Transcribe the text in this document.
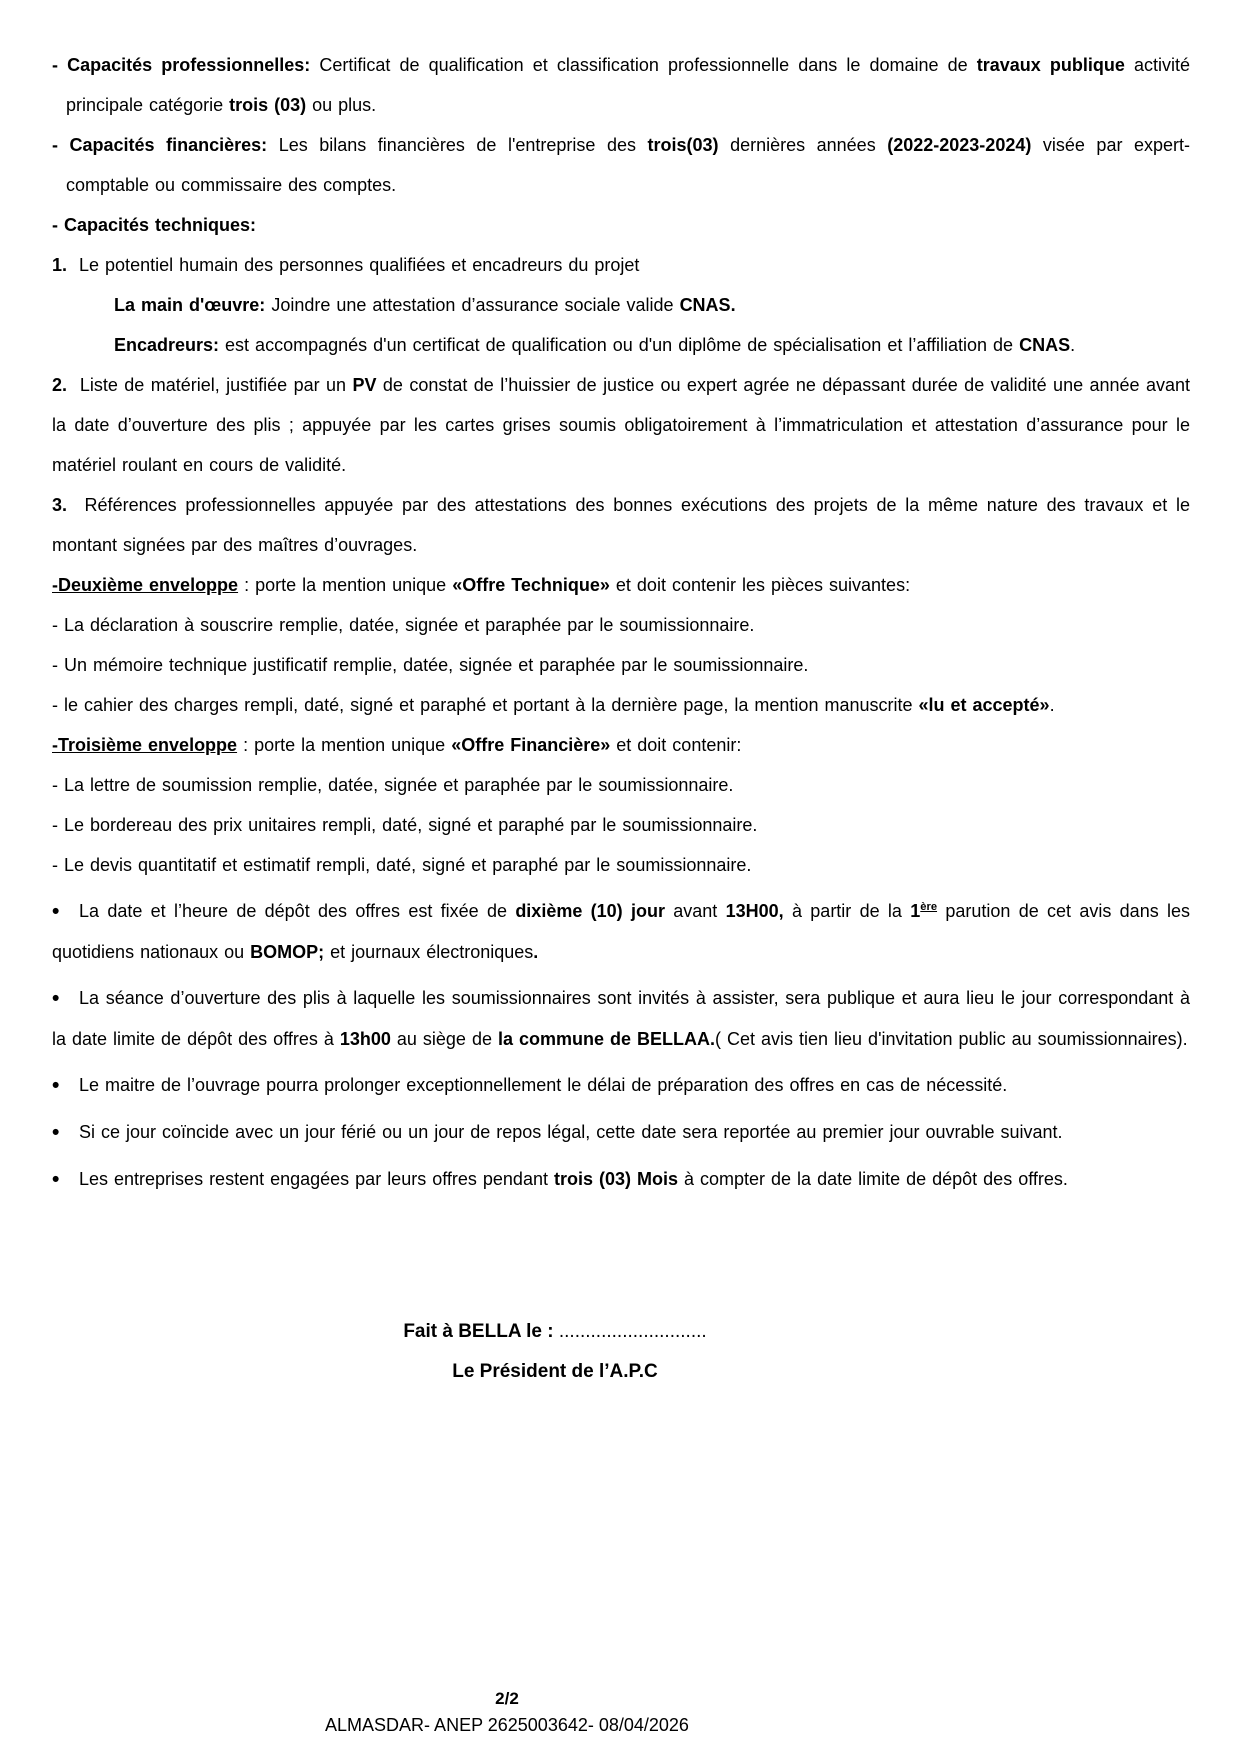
- Capacités professionnelles: Certificat de qualification et classification professionnelle dans le domaine de travaux publique activité principale catégorie trois (03) ou plus.

- Capacités financières: Les bilans financières de l'entreprise des trois(03) dernières années (2022-2023-2024) visée par expert-comptable ou commissaire des comptes.

- Capacités techniques:

1.  Le potentiel humain des personnes qualifiées et encadreurs du projet

La main d'œuvre: Joindre une attestation d’assurance sociale valide CNAS.

Encadreurs: est accompagnés d'un certificat de qualification ou d'un diplôme de spécialisation et l’affiliation de CNAS.

2.  Liste de matériel, justifiée par un PV de constat de l’huissier de justice ou expert agrée ne dépassant durée de validité une année avant la date d’ouverture des plis ; appuyée par les cartes grises soumis obligatoirement à l’immatriculation et attestation d’assurance pour le matériel roulant en cours de validité.

3.  Références professionnelles appuyée par des attestations des bonnes exécutions des projets de la même nature des travaux et le montant signées par des maîtres d’ouvrages.

-Deuxième enveloppe : porte la mention unique «Offre Technique» et doit contenir les pièces suivantes:

- La déclaration à souscrire remplie, datée, signée et paraphée par le soumissionnaire.

- Un mémoire technique justificatif remplie, datée, signée et paraphée par le soumissionnaire.

- le cahier des charges rempli, daté, signé et paraphé et portant à la dernière page, la mention manuscrite «lu et accepté».

-Troisième enveloppe : porte la mention unique «Offre Financière» et doit contenir:

- La lettre de soumission remplie, datée, signée et paraphée par le soumissionnaire.

- Le bordereau des prix unitaires rempli, daté, signé et paraphé par le soumissionnaire.

- Le devis quantitatif et estimatif rempli, daté, signé et paraphé par le soumissionnaire.

• La date et l’heure de dépôt des offres est fixée de dixième (10) jour avant 13H00, à partir de la 1ère parution de cet avis dans les quotidiens nationaux ou BOMOP; et journaux électroniques.

• La séance d’ouverture des plis à laquelle les soumissionnaires sont invités à assister, sera publique et aura lieu le jour correspondant à la date limite de dépôt des offres à 13h00 au siège de la commune de BELLAA.( Cet avis tien lieu d'invitation public au soumissionnaires).

• Le maitre de l’ouvrage pourra prolonger exceptionnellement le délai de préparation des offres en cas de nécessité.

• Si ce jour coïncide avec un jour férié ou un jour de repos légal, cette date sera reportée au premier jour ouvrable suivant.

• Les entreprises restent engagées par leurs offres pendant trois (03) Mois à compter de la date limite de dépôt des offres.

Fait à BELLA le : ............................

Le Président de l’A.P.C

2/2
ALMASDAR- ANEP 2625003642- 08/04/2026
